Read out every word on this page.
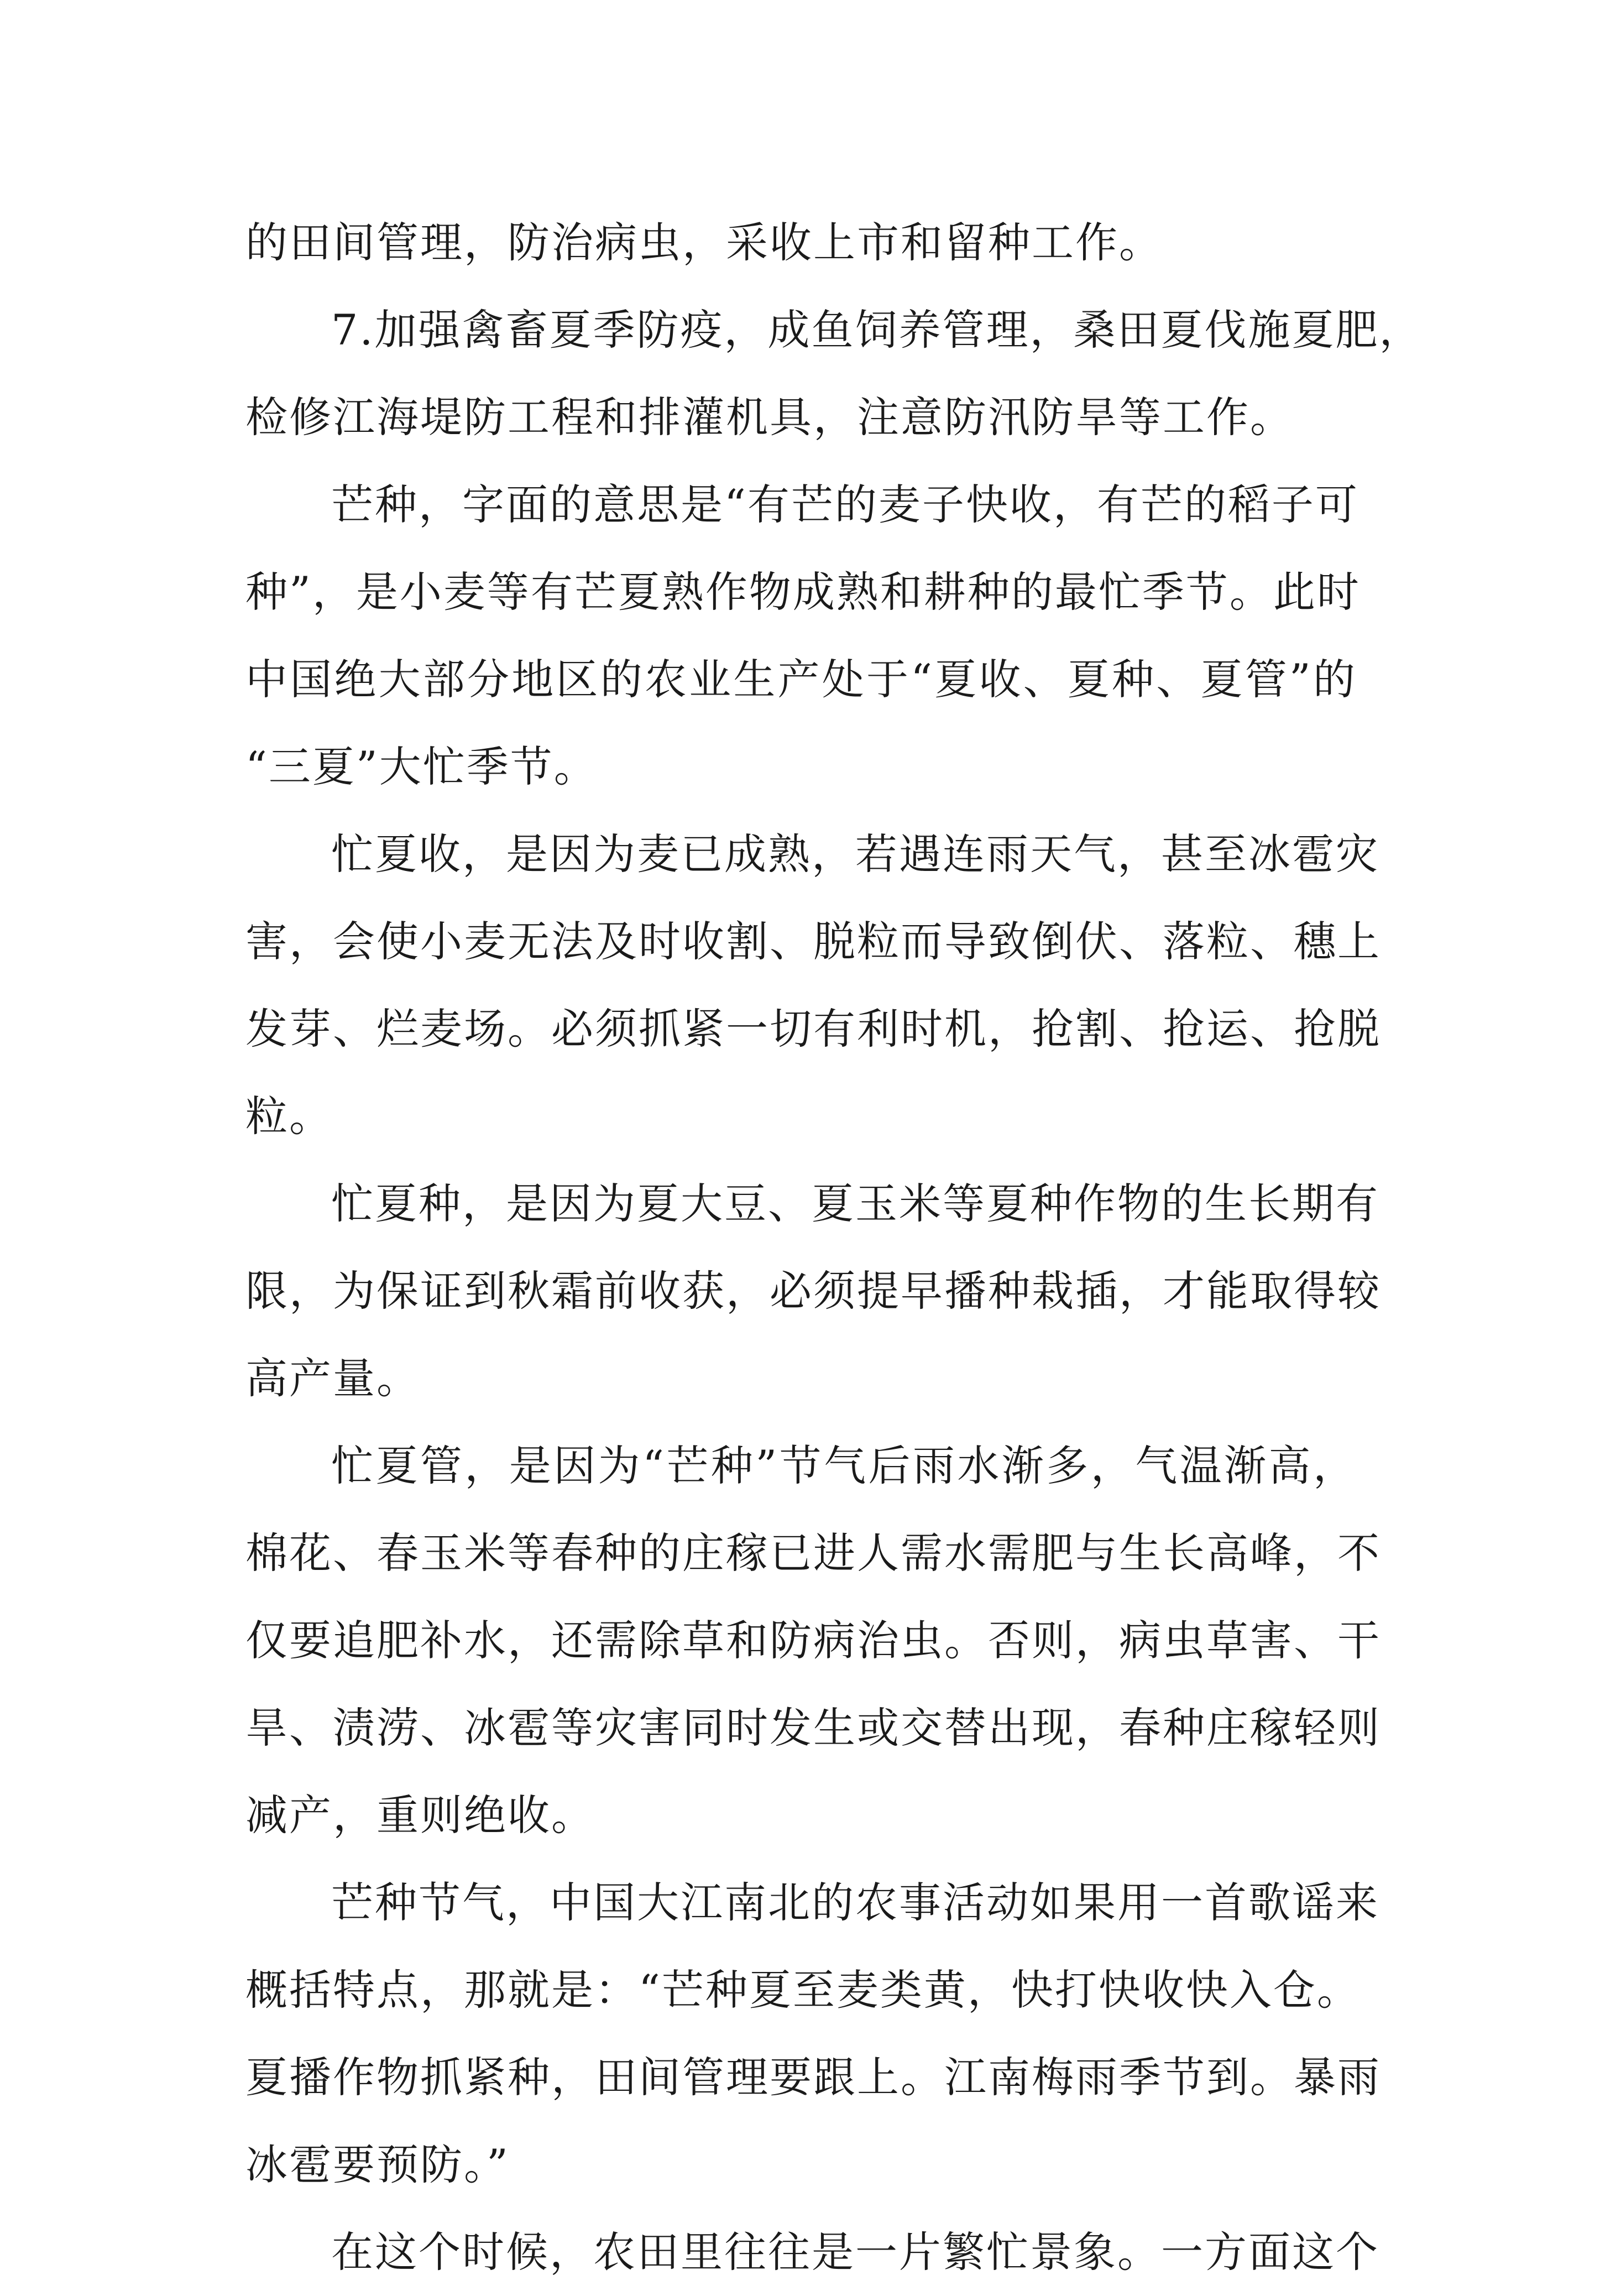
的田间管理，防治病虫，采收上市和留种工作。
7.加强禽畜夏季防疫，成鱼饲养管理，桑田夏伐施夏肥，
检修江海堤防工程和排灌机具，注意防汛防旱等工作。
芒种，字面的意思是“有芒的麦子快收，有芒的稻子可
种”，是小麦等有芒夏熟作物成熟和耕种的最忙季节。此时
中国绝大部分地区的农业生产处于“夏收、夏种、夏管”的
“三夏”大忙季节。
忙夏收，是因为麦已成熟，若遇连雨天气，甚至冰雹灾
害，会使小麦无法及时收割、脱粒而导致倒伏、落粒、穗上
发芽、烂麦场。必须抓紧一切有利时机，抢割、抢运、抢脱
粒。
忙夏种，是因为夏大豆、夏玉米等夏种作物的生长期有
限，为保证到秋霜前收获，必须提早播种栽插，才能取得较
高产量。
忙夏管，是因为“芒种”节气后雨水渐多，气温渐高，
棉花、春玉米等春种的庄稼已进人需水需肥与生长高峰，不
仅要追肥补水，还需除草和防病治虫。否则，病虫草害、干
旱、渍涝、冰雹等灾害同时发生或交替出现，春种庄稼轻则
减产，重则绝收。
芒种节气，中国大江南北的农事活动如果用一首歌谣来
概括特点，那就是：“芒种夏至麦类黄，快打快收快入仓。
夏播作物抓紧种，田间管理要跟上。江南梅雨季节到。暴雨
冰雹要预防。”
在这个时候，农田里往往是一片繁忙景象。一方面这个
